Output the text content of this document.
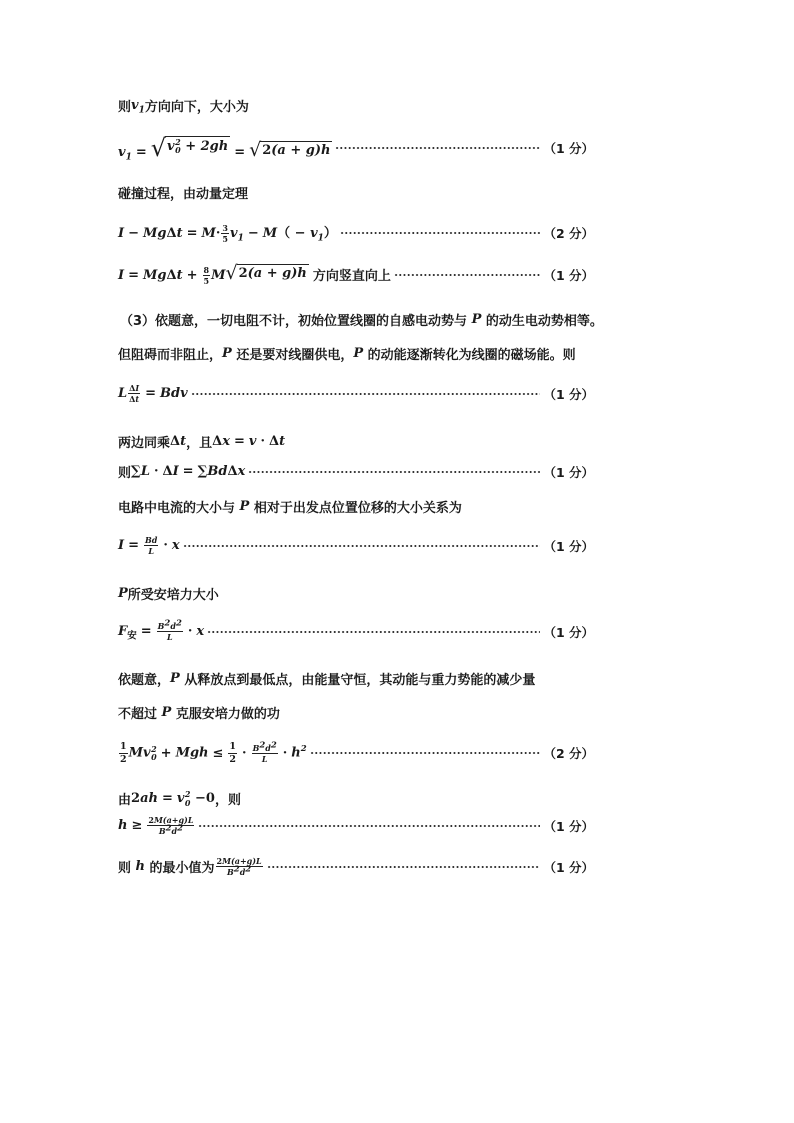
则 $v_1$ 方向向下，大小为
$v_1$ = √ v 2
0 + 2gh = √ 2(a + g)h	（1 分）
碰撞过程，由动量定理
$I - Mg\Delta t = M\cdot \frac{3}{5} v_1 - M( - v_1)$	（2 分）
$I = Mg\Delta t + \frac{8}{5}$ M √ 2(a + g)h 方向竖直向上	（1 分）
（3）依题意，一切电阻不计，初始位置线圈的自感电动势与 P 的动生电动势相等。
但阻碍而非阻止， P 还是要对线圈供电， P 的动能逐渐转化为线圈的磁场能。则
L $\frac{\Delta I}{\Delta t}$ = Bdv	（1 分）
两边同乘 Δt ，且 Δx = v · Δt
则 ∑L · ΔI = ∑BdΔx	（1 分）
电路中电流的大小与 P 相对于出发点位置位移的大小关系为
$I = \frac{Bd}{L} \cdot x$	（1 分）
P 所受安培力大小
$F_安 = \frac{B^2d^2}{L} \cdot x$	（1 分）
依题意， P 从释放点到最低点，由能量守恒，其动能与重力势能的减少量
不超过 P 克服安培力做的功
$\frac{1}{2}$ Mv 2
0 + Mgh ≤ $\frac{1}{2} \cdot \frac{B^2d^2}{L} \cdot h^2$	（2 分）
由 2ah = v 2
0 −0 ，则
$h \ge \frac{2M(a+g)L}{B^2d^2}$	（1 分）
则 h 的最小值为 $\frac{2M(a+g)L}{B^2d^2}$	（1 分）
